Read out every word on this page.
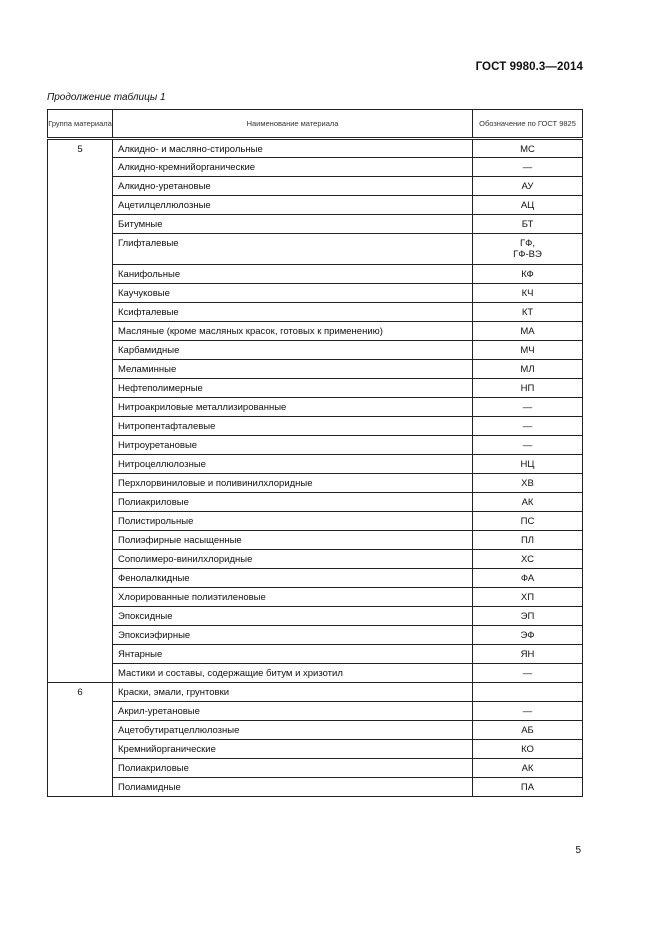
ГОСТ 9980.3—2014
Продолжение таблицы 1
Группа материала	Наименование материала	Обозначение по ГОСТ 9825
5	Алкидно- и масляно-стирольные	МС
	Алкидно-кремнийорганические	—
	Алкидно-уретановые	АУ
	Ацетилцеллюлозные	АЦ
	Битумные	БТ
	Глифталевые	ГФ,
ГФ-ВЭ

	Канифольные	КФ
	Каучуковые	КЧ
	Ксифталевые	КТ
	Масляные (кроме масляных красок, готовых к применению)	МА
	Карбамидные	МЧ
	Меламинные	МЛ
	Нефтеполимерные	НП
	Нитроакриловые металлизированные	—
	Нитропентафталевые	—
	Нитроуретановые	—
	Нитроцеллюлозные	НЦ
	Перхлорвиниловые и поливинилхлоридные	ХВ
	Полиакриловые	АК
	Полистирольные	ПС
	Полиэфирные насыщенные	ПЛ
	Сополимеро-винилхлоридные	ХС
	Фенолалкидные	ФА
	Хлорированные полиэтиленовые	ХП
	Эпоксидные	ЭП
	Эпоксиэфирные	ЭФ
	Янтарные	ЯН
	Мастики и составы, содержащие битум и хризотил	—
6	Краски, эмали, грунтовки	
	Акрил-уретановые	—
	Ацетобутиратцеллюлозные	АБ
	Кремнийорганические	КО
	Полиакриловые	АК
	Полиамидные	ПА
5
